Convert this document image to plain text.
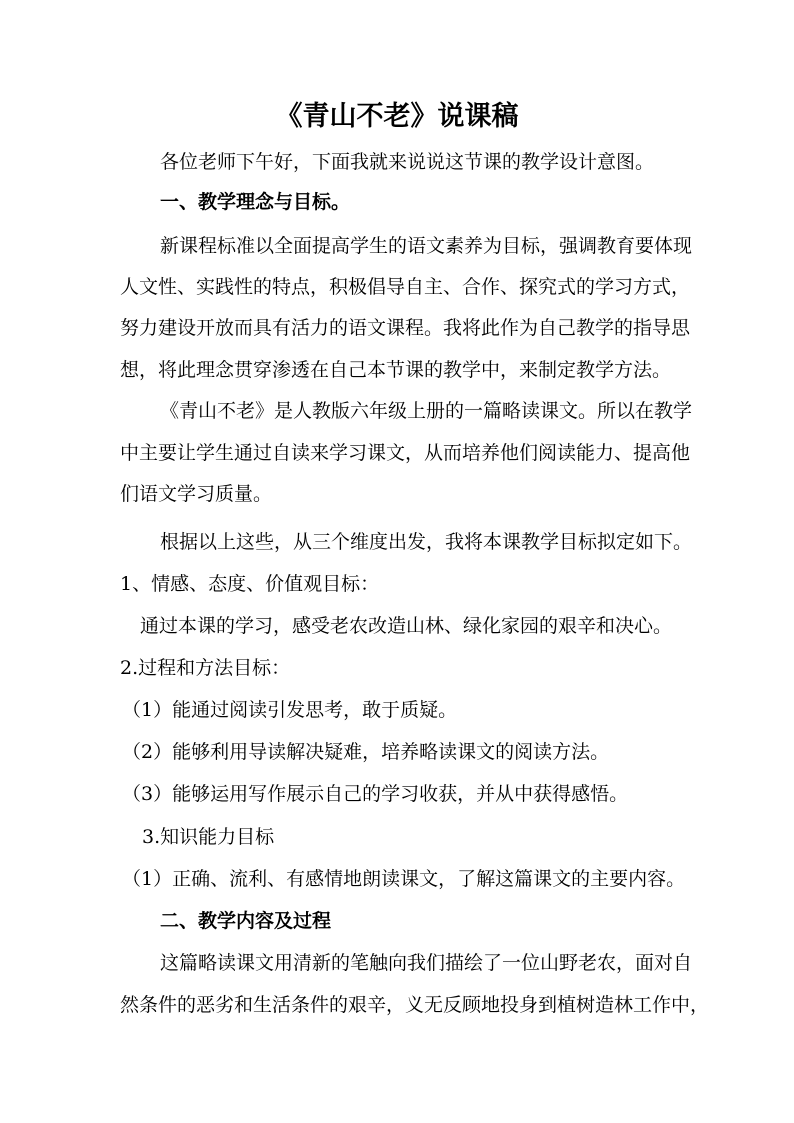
《青山不老》说课稿
各位老师下午好，下面我就来说说这节课的教学设计意图。
一、教学理念与目标。
新课程标准以全面提高学生的语文素养为目标，强调教育要体现
人文性、实践性的特点，积极倡导自主、合作、探究式的学习方式，
努力建设开放而具有活力的语文课程。我将此作为自己教学的指导思
想，将此理念贯穿渗透在自己本节课的教学中，来制定教学方法。
《青山不老》是人教版六年级上册的一篇略读课文。所以在教学
中主要让学生通过自读来学习课文，从而培养他们阅读能力、提高他
们语文学习质量。
根据以上这些，从三个维度出发，我将本课教学目标拟定如下。
1、情感、态度、价值观目标：
通过本课的学习，感受老农改造山林、绿化家园的艰辛和决心。
2.过程和方法目标：
（1）能通过阅读引发思考，敢于质疑。
（2）能够利用导读解决疑难，培养略读课文的阅读方法。
（3）能够运用写作展示自己的学习收获，并从中获得感悟。
3.知识能力目标
（1）正确、流利、有感情地朗读课文，了解这篇课文的主要内容。
二、教学内容及过程
这篇略读课文用清新的笔触向我们描绘了一位山野老农，面对自
然条件的恶劣和生活条件的艰辛，义无反顾地投身到植树造林工作中，
